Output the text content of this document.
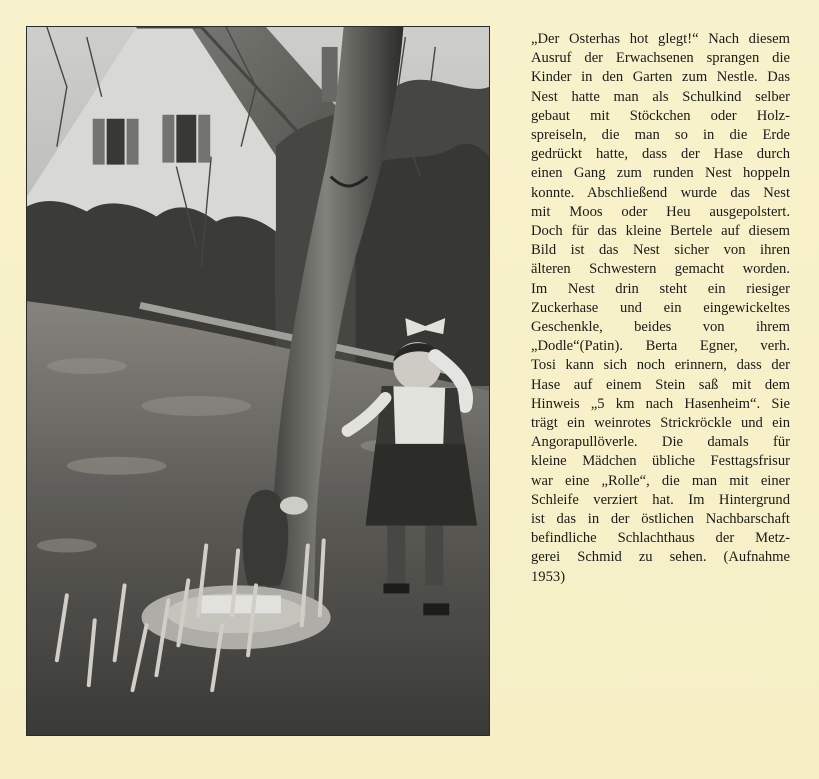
„Der Osterhas hot glegt!“ Nach diesem
Ausruf der Erwachsenen sprangen die
Kinder in den Garten zum Nestle. Das
Nest hatte man als Schulkind selber
gebaut mit Stöckchen oder Holz-
spreiseln, die man so in die Erde
gedrückt hatte, dass der Hase durch
einen Gang zum runden Nest hoppeln
konnte. Abschließend wurde das Nest
mit Moos oder Heu ausgepolstert.
Doch für das kleine Bertele auf diesem
Bild ist das Nest sicher von ihren
älteren Schwestern gemacht worden.
Im Nest drin steht ein riesiger
Zuckerhase und ein eingewickeltes
Geschenkle, beides von ihrem
„Dodle“(Patin). Berta Egner, verh.
Tosi kann sich noch erinnern, dass der
Hase auf einem Stein saß mit dem
Hinweis „5 km nach Hasenheim“. Sie
trägt ein weinrotes Strickröckle und ein
Angorapullöverle. Die damals für
kleine Mädchen übliche Festtagsfrisur
war eine „Rolle“, die man mit einer
Schleife verziert hat. Im Hintergrund
ist das in der östlichen Nachbarschaft
befindliche Schlachthaus der Metz-
gerei Schmid zu sehen. (Aufnahme
1953)
